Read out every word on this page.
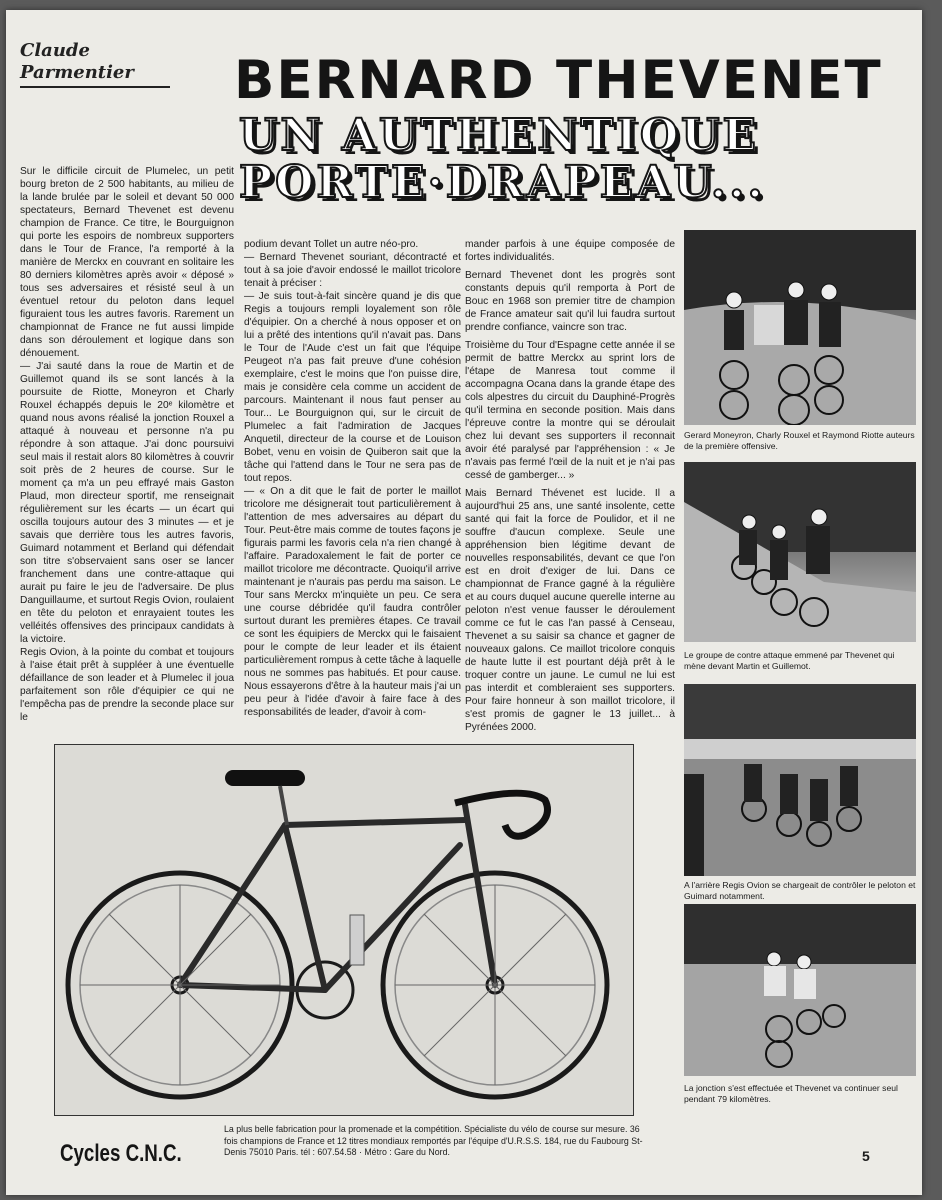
Claude
Parmentier	BERNARD THEVENET
UN AUTHENTIQUE
PORTE·DRAPEAU...

Sur le difficile circuit de Plumelec, un petit bourg breton de 2 500 habitants, au milieu de la lande brulée par le soleil et devant 50 000 spectateurs, Bernard Thevenet est devenu champion de France. Ce titre, le Bourguignon qui porte les espoirs de nombreux supporters dans le Tour de France, l'a remporté à la manière de Merckx en couvrant en solitaire les 80 derniers kilomètres après avoir « déposé » tous ses adversaires et résisté seul à un éventuel retour du peloton dans lequel figuraient tous les autres favoris. Rarement un championnat de France ne fut aussi limpide dans son déroulement et logique dans son dénouement.

— J'ai sauté dans la roue de Martin et de Guillemot quand ils se sont lancés à la poursuite de Riotte, Moneyron et Charly Rouxel échappés depuis le 20ᵉ kilomètre et quand nous avons réalisé la jonction Rouxel a attaqué à nouveau et personne n'a pu répondre à son attaque. J'ai donc poursuivi seul mais il restait alors 80 kilomètres à couvrir soit près de 2 heures de course. Sur le moment ça m'a un peu effrayé mais Gaston Plaud, mon directeur sportif, me renseignait régulièrement sur les écarts — un écart qui oscilla toujours autour des 3 minutes — et je savais que derrière tous les autres favoris, Guimard notamment et Berland qui défendait son titre s'observaient sans oser se lancer franchement dans une contre-attaque qui aurait pu faire le jeu de l'adversaire. De plus Danguillaume, et surtout Regis Ovion, roulaient en tête du peloton et enrayaient toutes les velléités offensives des principaux candidats à la victoire.

Regis Ovion, à la pointe du combat et toujours à l'aise était prêt à suppléer à une éventuelle défaillance de son leader et à Plumelec il joua parfaitement son rôle d'équipier ce qui ne l'empêcha pas de prendre la seconde place sur le

podium devant Tollet un autre néo-pro.

— Bernard Thevenet souriant, décontracté et tout à sa joie d'avoir endossé le maillot tricolore tenait à préciser :

— Je suis tout-à-fait sincère quand je dis que Regis a toujours rempli loyalement son rôle d'équipier. On a cherché à nous opposer et on lui a prêté des intentions qu'il n'avait pas. Dans le Tour de l'Aude c'est un fait que l'équipe Peugeot n'a pas fait preuve d'une cohésion exemplaire, c'est le moins que l'on puisse dire, mais je considère cela comme un accident de parcours. Maintenant il nous faut penser au Tour... Le Bourguignon qui, sur le circuit de Plumelec a fait l'admiration de Jacques Anquetil, directeur de la course et de Louison Bobet, venu en voisin de Quiberon sait que la tâche qui l'attend dans le Tour ne sera pas de tout repos.

— « On a dit que le fait de porter le maillot tricolore me désignerait tout particulièrement à l'attention de mes adversaires au départ du Tour. Peut-être mais comme de toutes façons je figurais parmi les favoris cela n'a rien changé à l'affaire. Paradoxalement le fait de porter ce maillot tricolore me décontracte. Quoiqu'il arrive maintenant je n'aurais pas perdu ma saison. Le Tour sans Merckx m'inquiète un peu. Ce sera une course débridée qu'il faudra contrôler surtout durant les premières étapes. Ce travail ce sont les équipiers de Merckx qui le faisaient pour le compte de leur leader et ils étaient particulièrement rompus à cette tâche à laquelle nous ne sommes pas habitués. Et pour cause. Nous essayerons d'être à la hauteur mais j'ai un peu peur à l'idée d'avoir à faire face à des responsabilités de leader, d'avoir à com-

mander parfois à une équipe composée de fortes individualités.

Bernard Thevenet dont les progrès sont constants depuis qu'il remporta à Port de Bouc en 1968 son premier titre de champion de France amateur sait qu'il lui faudra surtout prendre confiance, vaincre son trac.

Troisième du Tour d'Espagne cette année il se permit de battre Merckx au sprint lors de l'étape de Manresa tout comme il accompagna Ocana dans la grande étape des cols alpestres du circuit du Dauphiné-Progrès qu'il termina en seconde position. Mais dans l'épreuve contre la montre qui se déroulait chez lui devant ses supporters il reconnait avoir été paralysé par l'appréhension : « Je n'avais pas fermé l'œil de la nuit et je n'ai pas cessé de gamberger... »

Mais Bernard Thévenet est lucide. Il a aujourd'hui 25 ans, une santé insolente, cette santé qui fait la force de Poulidor, et il ne souffre d'aucun complexe. Seule une appréhension bien légitime devant de nouvelles responsabilités, devant ce que l'on est en droit d'exiger de lui. Dans ce championnat de France gagné à la régulière et au cours duquel aucune querelle interne au peloton n'est venue fausser le déroulement comme ce fut le cas l'an passé à Censeau, Thevenet a su saisir sa chance et gagner de nouveaux galons. Ce maillot tricolore conquis de haute lutte il est pourtant déjà prêt à le troquer contre un jaune. Le cumul ne lui est pas interdit et combleraient ses supporters. Pour faire honneur à son maillot tricolore, il s'est promis de gagner le 13 juillet... à Pyrénées 2000.

Gerard Moneyron, Charly Rouxel et Raymond Riotte auteurs de la première offensive.
Le groupe de contre attaque emmené par Thevenet qui mène devant Martin et Guillemot.
A l'arrière Regis Ovion se chargeait de contrôler le peloton et Guimard notamment.
La jonction s'est effectuée et Thevenet va continuer seul pendant 79 kilomètres.
Cycles C.N.C.
La plus belle fabrication pour la promenade et la compétition. Spécialiste du vélo de course sur mesure. 36 fois champions de France et 12 titres mondiaux remportés par l'équipe d'U.R.S.S. 184, rue du Faubourg St-Denis 75010 Paris. tél : 607.54.58 · Métro : Gare du Nord.	5
